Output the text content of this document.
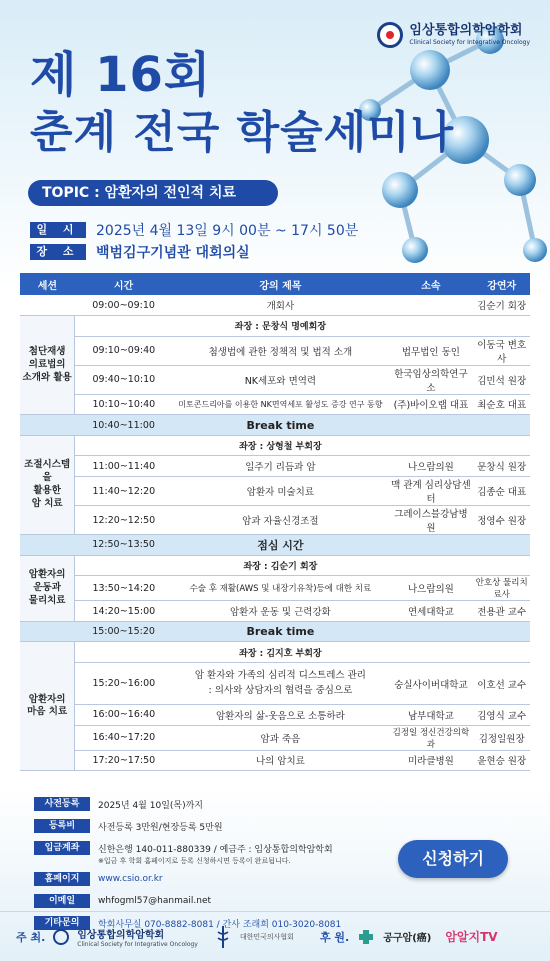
임상통합의학암학회
Clinical Society for Integrative Oncology
제 16회
춘계 전국 학술세미나
TOPIC : 암환자의 전인적 치료
일 시	2025년 4월 13일 9시 00분 ~ 17시 50분
장 소	백범김구기념관 대회의실
세션	시간	강의 제목	소속	강연자
	09:00~09:10	개회사		김순기 회장
첨단재생
의료법의
소개와 활용		좌장 : 문창식 명예회장		
	09:10~09:40	첨생법에 관한 정책적 및 법적 소개	법무법인 동인	이동국 변호사
	09:40~10:10	NK세포와 면역력	한국임상의학연구소	김민석 원장
	10:10~10:40	미토콘드리아를 이용한 NK면역세포 활성도 증강 연구 동향	(주)바이오랩 대표	최순호 대표
	10:40~11:00	Break time		
조절시스템을
활용한
암 치료		좌장 : 상형철 부회장		
	11:00~11:40	일주기 리듬과 암	나으람의원	문창식 원장
	11:40~12:20	암환자 미술치료	맥 관계 심리상담센터	김종순 대표
	12:20~12:50	암과 자율신경조절	그레이스블강남병원	정영수 원장
	12:50~13:50	점심 시간		
암환자의
운동과
물리치료		좌장 : 김순기 회장		
	13:50~14:20	수술 후 재활(AWS 및 내장기유착)등에 대한 치료	나으람의원	안호상 물리치료사
	14:20~15:00	암환자 운동 및 근력강화	연세대학교	전용관 교수
	15:00~15:20	Break time		
암환자의
마음 치료		좌장 : 김지호 부회장		
	15:20~16:00	암 환자와 가족의 심리적 디스트레스 관리
: 의사와 상담자의 협력을 중심으로	숭실사이버대학교	이호선 교수
	16:00~16:40	암환자의 삶-웃음으로 소통하라	남부대학교	김영식 교수
	16:40~17:20	암과 죽음	김정일 정신건강의학과	김정일원장
	17:20~17:50	나의 암치료	미라클병원	윤현승 원장
사전등록	2025년 4월 10일(목)까지
등록비	사전등록 3만원/현장등록 5만원
입금계좌	신한은행 140-011-880339 / 예금주 : 임상통합의학암학회
※입금 후 학회 홈페이지로 등록 신청하시면 등록이 완료됩니다.
홈페이지	www.csio.or.kr
이메일	whfogml57@hanmail.net
기타문의	학회사무실 070-8882-8081 / 간사 조래희 010-3020-8081
신청하기
주 최.	임상통합의학암학회
Clinical Society for Integrative Oncology
대한민국의사협회 후 원.	공구암(癌) 암알지TV
